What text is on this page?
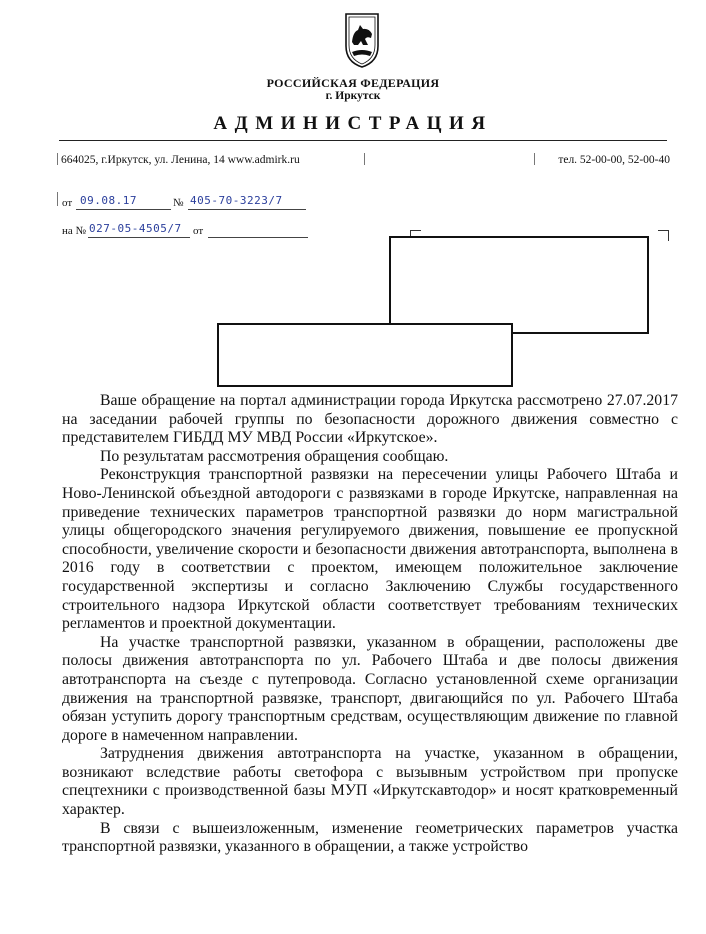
РОССИЙСКАЯ ФЕДЕРАЦИЯ
г. Иркутск
АДМИНИСТРАЦИЯ
664025, г.Иркутск, ул. Ленина, 14 www.admirk.ru	тел. 52-00-00, 52-00-40
от 09.08.17	№ 405-70-3223/7
на № 027-05-4505/7 от

Ваше обращение на портал администрации города Иркутска рассмотрено 27.07.2017 на заседании рабочей группы по безопасности дорожного движения совместно с представителем ГИБДД МУ МВД России «Иркутское».

По результатам рассмотрения обращения сообщаю.

Реконструкция транспортной развязки на пересечении улицы Рабочего Штаба и Ново-Ленинской объездной автодороги с развязками в городе Иркутске, направленная на приведение технических параметров транспортной развязки до норм магистральной улицы общегородского значения регулируемого движения, повышение ее пропускной способности, увеличение скорости и безопасности движения автотранспорта, выполнена в 2016 году в соответствии с проектом, имеющем положительное заключение государственной экспертизы и согласно Заключению Службы государственного строительного надзора Иркутской области соответствует требованиям технических регламентов и проектной документации.

На участке транспортной развязки, указанном в обращении, расположены две полосы движения автотранспорта по ул. Рабочего Штаба и две полосы движения автотранспорта на съезде с путепровода. Согласно установленной схеме организации движения на транспортной развязке, транспорт, двигающийся по ул. Рабочего Штаба обязан уступить дорогу транспортным средствам, осуществляющим движение по главной дороге в намеченном направлении.

Затруднения движения автотранспорта на участке, указанном в обращении, возникают вследствие работы светофора с вызывным устройством при пропуске спецтехники с производственной базы МУП «Иркутскавтодор» и носят кратковременный характер.

В связи с вышеизложенным, изменение геометрических параметров участка транспортной развязки, указанного в обращении, а также устройство
